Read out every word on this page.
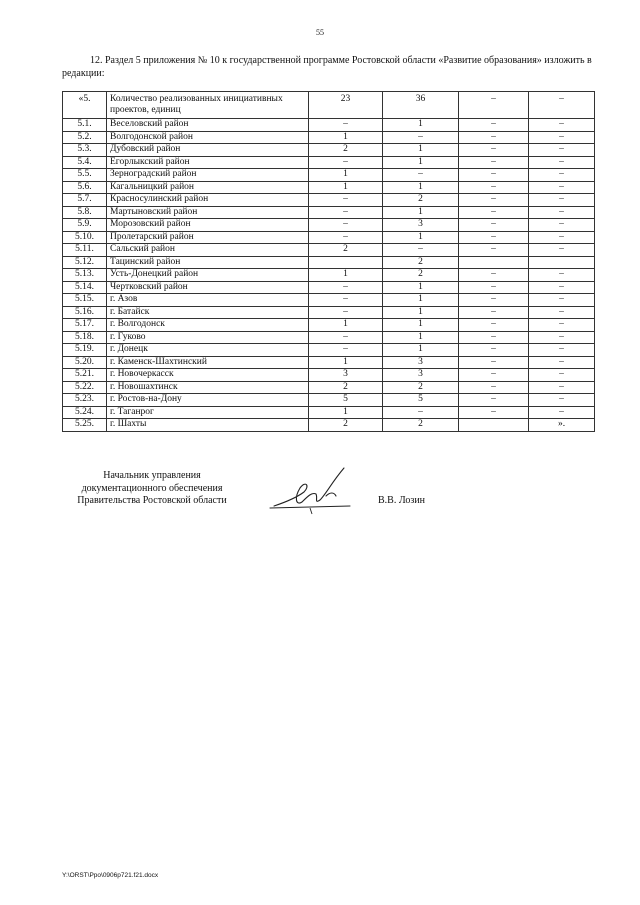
55
12. Раздел 5 приложения № 10 к государственной программе Ростовской области «Развитие образования» изложить в редакции:
«5.	Количество реализованных инициативных проектов, единиц	23	36	–	–
5.1.	Веселовский район	–	1	–	–
5.2.	Волгодонской район	1	–	–	–
5.3.	Дубовский район	2	1	–	–
5.4.	Егорлыкский район	–	1	–	–
5.5.	Зерноградский район	1	–	–	–
5.6.	Кагальницкий район	1	1	–	–
5.7.	Красносулинский район	–	2	–	–
5.8.	Мартыновский район	–	1	–	–
5.9.	Морозовский район	–	3	–	–
5.10.	Пролетарский район	–	1	–	–
5.11.	Сальский район	2	–	–	–
5.12.	Тацинский район		2		
5.13.	Усть-Донецкий район	1	2	–	–
5.14.	Чертковский район	–	1	–	–
5.15.	г. Азов	–	1	–	–
5.16.	г. Батайск	–	1	–	–
5.17.	г. Волгодонск	1	1	–	–
5.18.	г. Гуково	–	1	–	–
5.19.	г. Донецк	–	1	–	–
5.20.	г. Каменск-Шахтинский	1	3	–	–
5.21.	г. Новочеркасск	3	3	–	–
5.22.	г. Новошахтинск	2	2	–	–
5.23.	г. Ростов-на-Дону	5	5	–	–
5.24.	г. Таганрог	1	–	–	–
5.25.	г. Шахты	2	2		».
Начальник управления
документационного обеспечения
Правительства Ростовской области	В.В. Лозин
Y:\ORST\Ppo\0906p721.f21.docx
